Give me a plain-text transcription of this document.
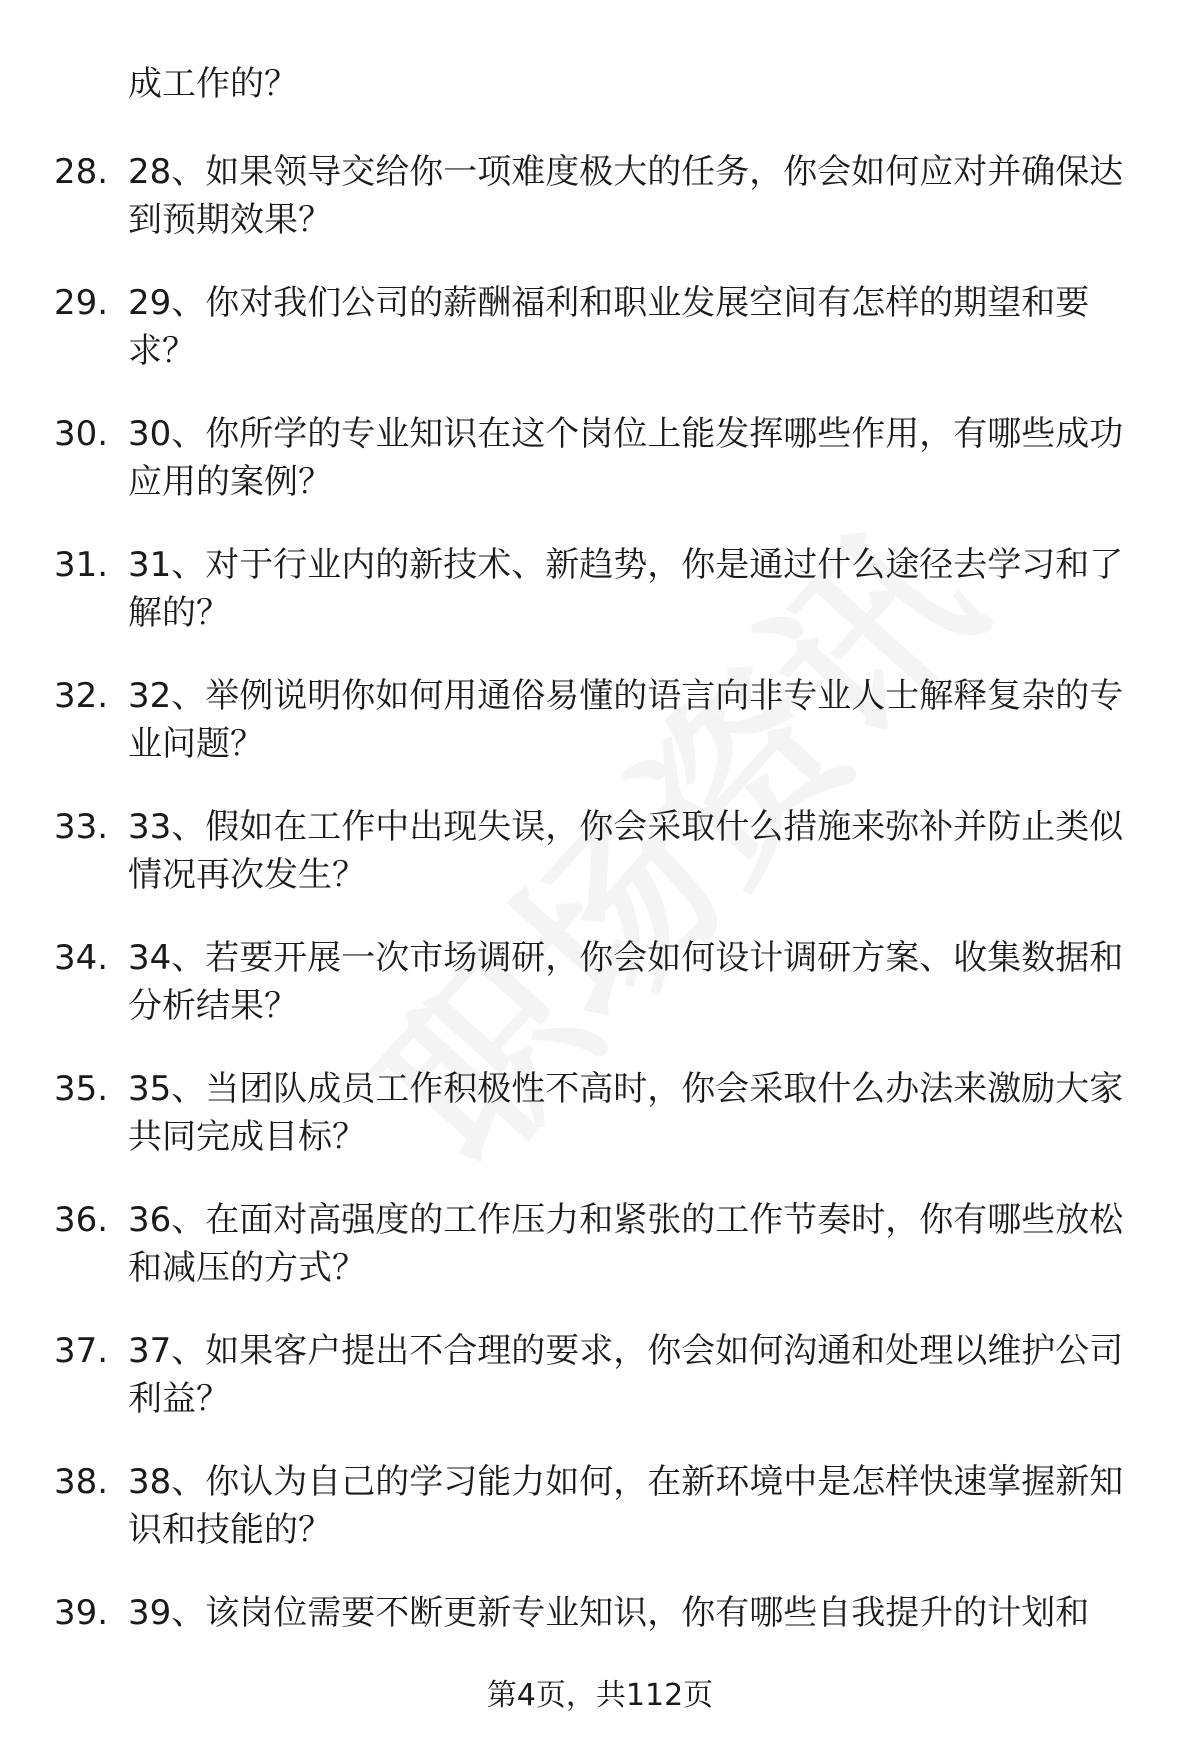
成工作的？

28. 28、如果领导交给你一项难度极大的任务，你会如何应对并确保达到预期效果？

29. 29、你对我们公司的薪酬福利和职业发展空间有怎样的期望和要求？

30. 30、你所学的专业知识在这个岗位上能发挥哪些作用，有哪些成功应用的案例？

31. 31、对于行业内的新技术、新趋势，你是通过什么途径去学习和了解的？

32. 32、举例说明你如何用通俗易懂的语言向非专业人士解释复杂的专业问题？

33. 33、假如在工作中出现失误，你会采取什么措施来弥补并防止类似情况再次发生？

34. 34、若要开展一次市场调研，你会如何设计调研方案、收集数据和分析结果？

35. 35、当团队成员工作积极性不高时，你会采取什么办法来激励大家共同完成目标？

36. 36、在面对高强度的工作压力和紧张的工作节奏时，你有哪些放松和减压的方式？

37. 37、如果客户提出不合理的要求，你会如何沟通和处理以维护公司利益？

38. 38、你认为自己的学习能力如何，在新环境中是怎样快速掌握新知识和技能的？

39. 39、该岗位需要不断更新专业知识，你有哪些自我提升的计划和

第4页，共112页
